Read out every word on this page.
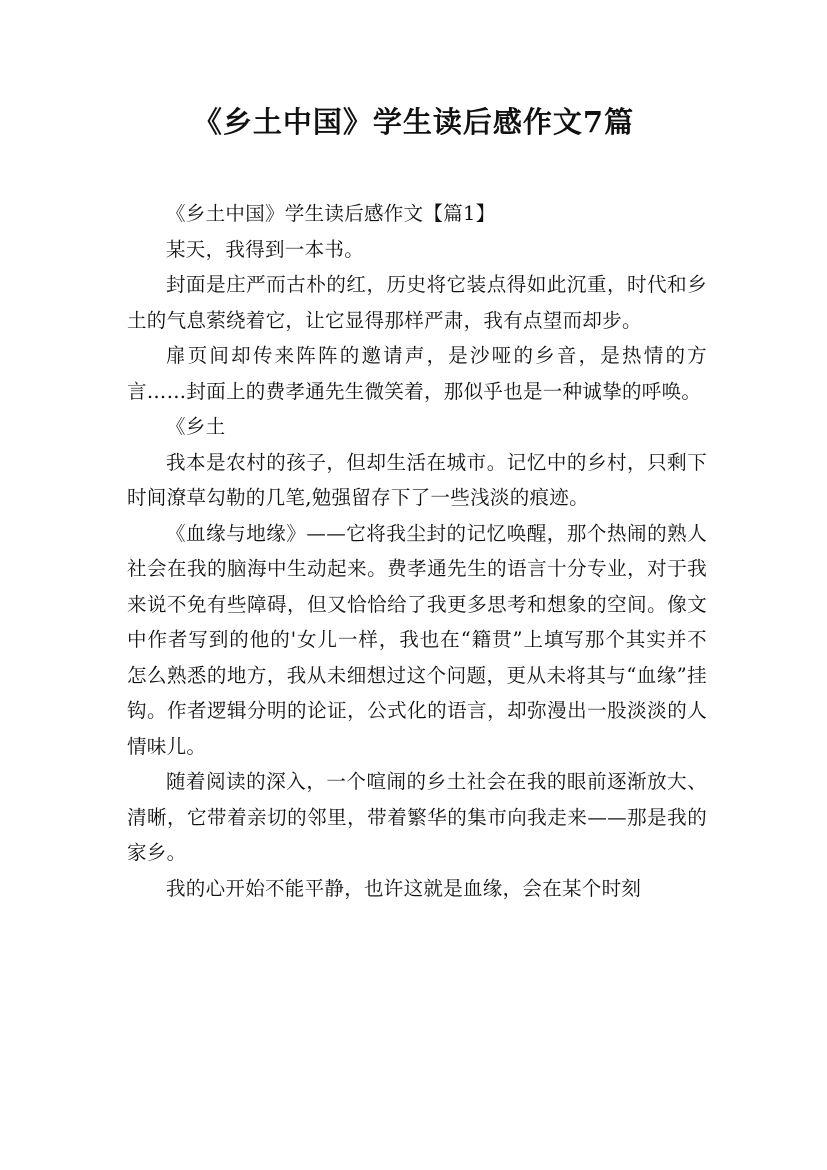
《乡土中国》学生读后感作文7篇

《乡土中国》学生读后感作文【篇1】

某天，我得到一本书。

封面是庄严而古朴的红，历史将它装点得如此沉重，时代和乡土的气息萦绕着它，让它显得那样严肃，我有点望而却步。

扉页间却传来阵阵的邀请声，是沙哑的乡音，是热情的方言……封面上的费孝通先生微笑着，那似乎也是一种诚挚的呼唤。

《乡土

我本是农村的孩子，但却生活在城市。记忆中的乡村，只剩下时间潦草勾勒的几笔,勉强留存下了一些浅淡的痕迹。

《血缘与地缘》——它将我尘封的记忆唤醒，那个热闹的熟人社会在我的脑海中生动起来。费孝通先生的语言十分专业，对于我来说不免有些障碍，但又恰恰给了我更多思考和想象的空间。像文中作者写到的他的'女儿一样，我也在“籍贯”上填写那个其实并不怎么熟悉的地方，我从未细想过这个问题，更从未将其与“血缘”挂钩。作者逻辑分明的论证，公式化的语言，却弥漫出一股淡淡的人情味儿。

随着阅读的深入，一个喧闹的乡土社会在我的眼前逐渐放大、清晰，它带着亲切的邻里，带着繁华的集市向我走来——那是我的家乡。

我的心开始不能平静，也许这就是血缘，会在某个时刻
